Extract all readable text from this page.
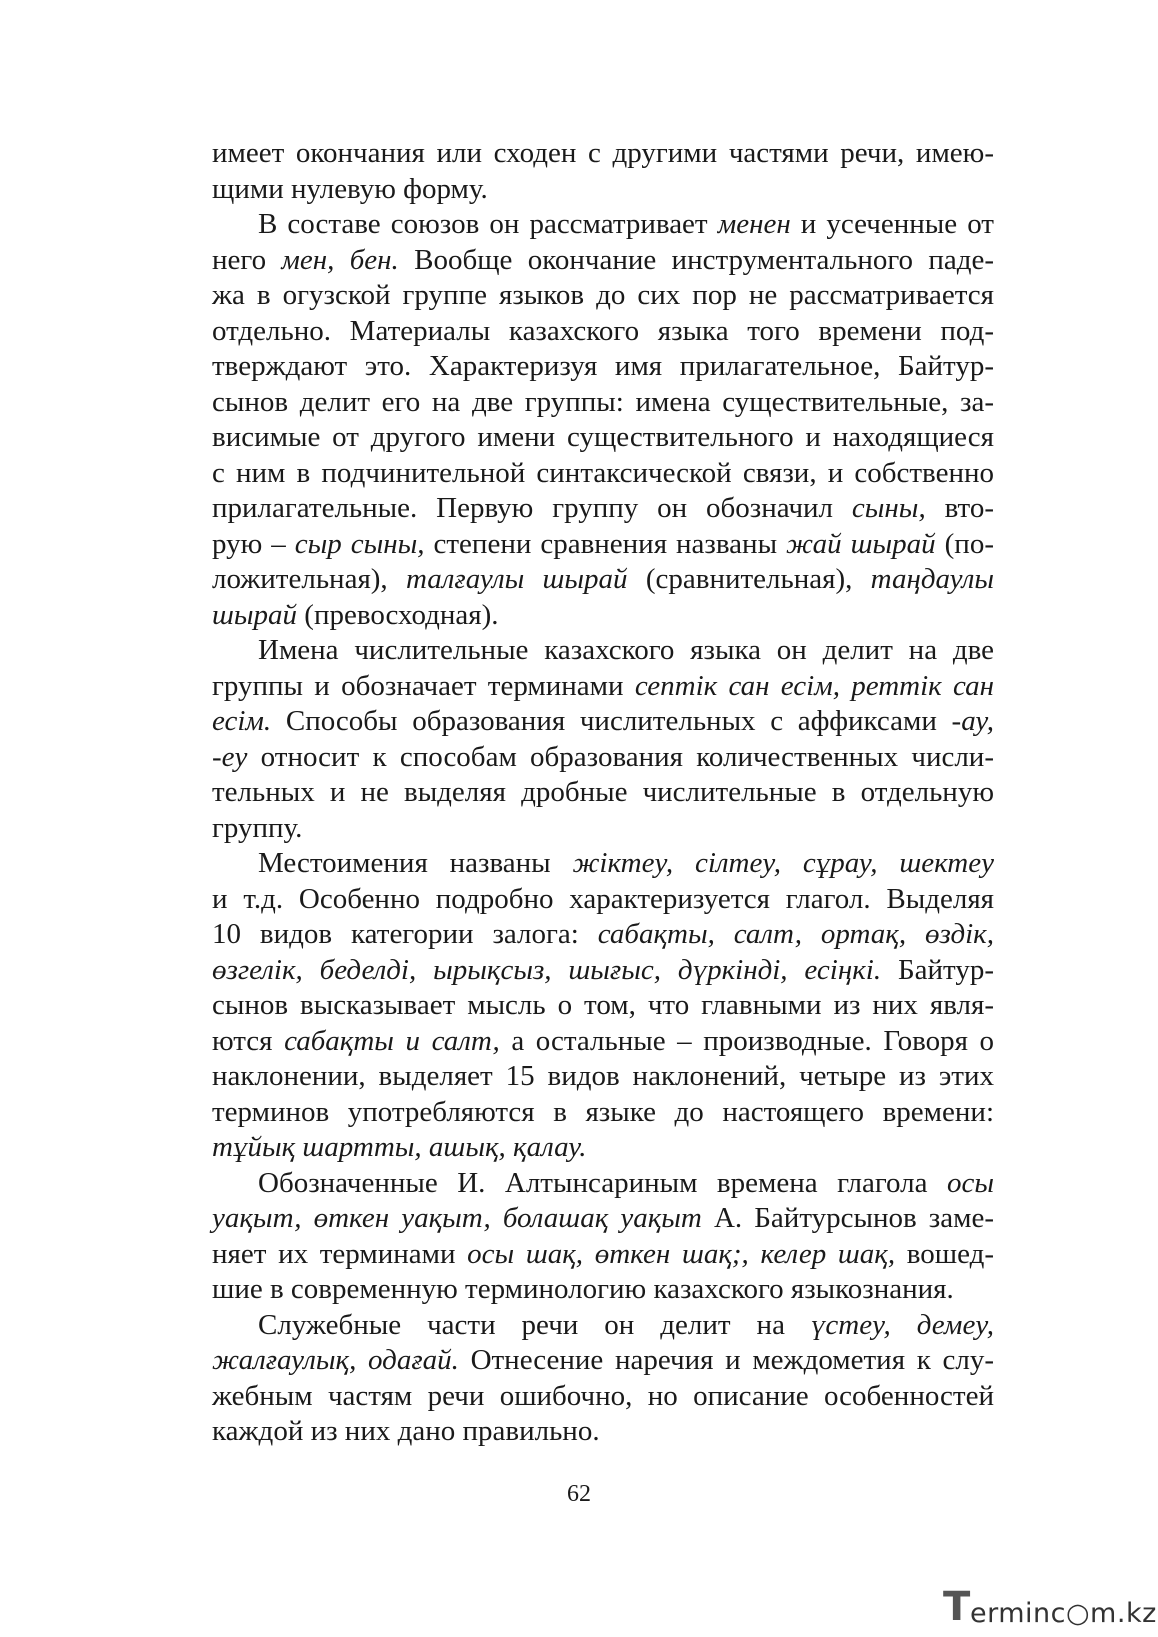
имеет окончания или сходен с другими частями речи, имею-
щими нулевую форму.
В составе союзов он рассматривает менен и усеченные от
него мен, бен. Вообще окончание инструментального паде-
жа в огузской группе языков до сих пор не рассматривается
отдельно. Материалы казахского языка того времени под-
тверждают это. Характеризуя имя прилагательное, Байтур-
сынов делит его на две группы: имена существительные, за-
висимые от другого имени существительного и находящиеся
с ним в подчинительной синтаксической связи, и собственно
прилагательные. Первую группу он обозначил сыны, вто-
рую – сыр сыны, степени сравнения названы жай шырай (по-
ложительная), талғаулы шырай (сравнительная), таңдаулы
шырай (превосходная).
Имена числительные казахского языка он делит на две
группы и обозначает терминами септік сан есім, реттік сан
есім. Способы образования числительных с аффиксами -ау,
-еу относит к способам образования количественных числи-
тельных и не выделяя дробные числительные в отдельную
группу.
Местоимения названы жіктеу, сілтеу, сұрау, шектеу
и т.д. Особенно подробно характеризуется глагол. Выделяя
10 видов категории залога: сабақты, салт, ортақ, өздік,
өзгелік, беделді, ырықсыз, шығыс, дүркінді, есіңкі. Байтур-
сынов высказывает мысль о том, что главными из них явля-
ются сабақты и салт, а остальные – производные. Говоря о
наклонении, выделяет 15 видов наклонений, четыре из этих
терминов употребляются в языке до настоящего времени:
тұйық шартты, ашық, қалау.
Обозначенные И. Алтынсариным времена глагола осы
уақыт, өткен уақыт, болашақ уақыт А. Байтурсынов заме-
няет их терминами осы шақ, өткен шақ;, келер шақ, вошед-
шие в современную терминологию казахского языкознания.
Служебные части речи он делит на үстеу, демеу,
жалғаулық, одағай. Отнесение наречия и междометия к слу-
жебным частям речи ошибочно, но описание особенностей
каждой из них дано правильно.
62
T erminc○m.kz
